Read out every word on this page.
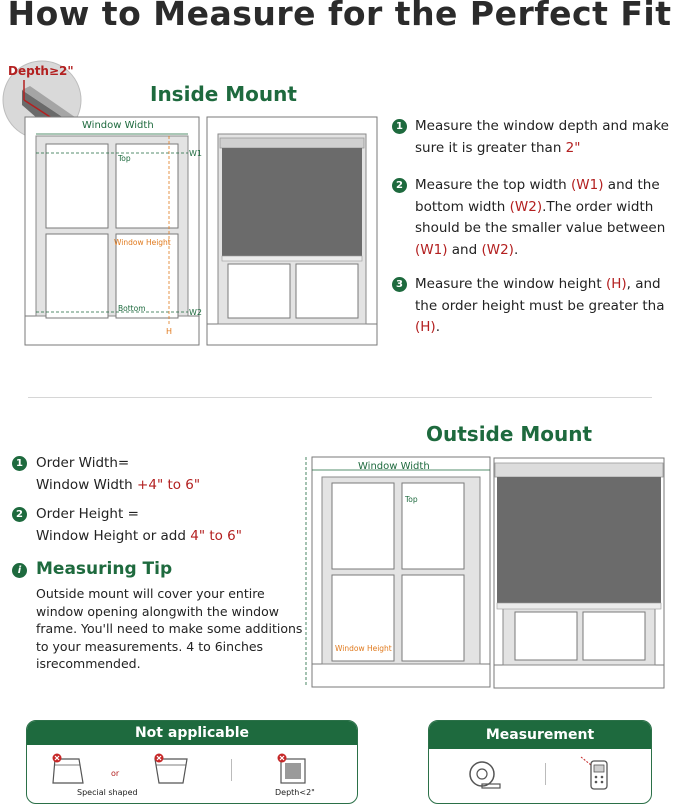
How to Measure for the Perfect Fit
Depth≥2"
Inside Mount
Window Width
Top
Window Height
Bottom
W1
W2
H
1 Measure the window depth and make sure it is greater than 2"
2 Measure the top width (W1) and the bottom width (W2).The order width should be the smaller value between (W1) and (W2).
3 Measure the window height (H), and the order height must be greater tha (H).
Outside Mount
1 Order Width=
Window Width +4" to 6"
2 Order Height =
Window Height or add 4" to 6"
i Measuring Tip
Outside mount will cover your entire window opening alongwith the window frame. You'll need to make some additions to your measurements. 4 to 6inches isrecommended.
Window Width
Top
Window Height
Not applicable
or
Special shaped	Depth<2"
Measurement
